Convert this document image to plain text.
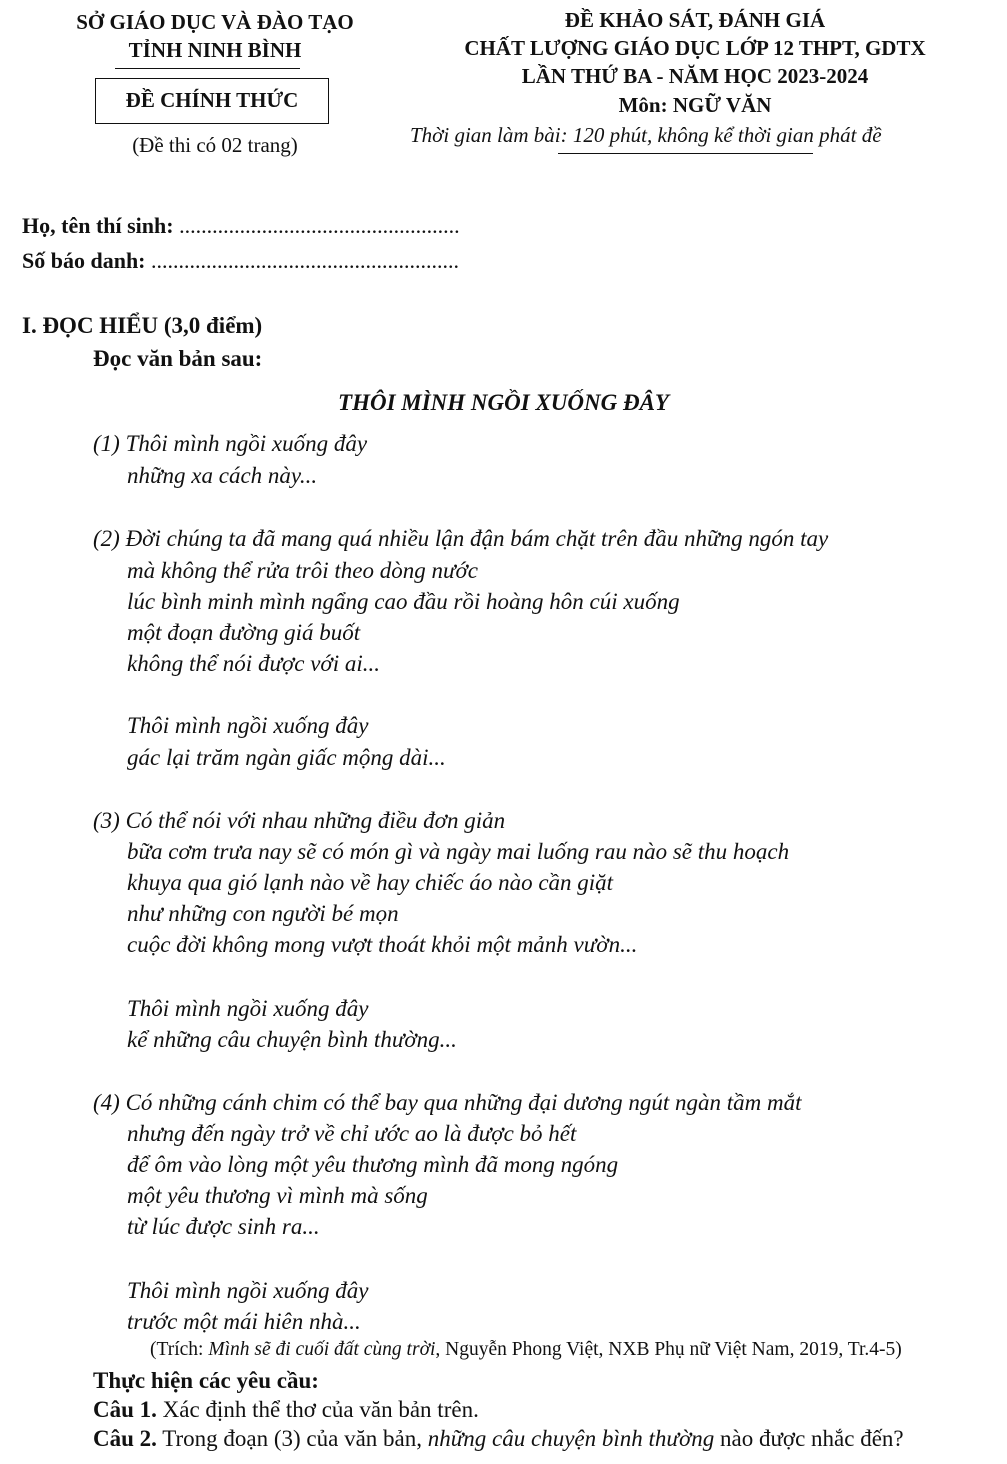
SỞ GIÁO DỤC VÀ ĐÀO TẠO
TỈNH NINH BÌNH
ĐỀ CHÍNH THỨC
(Đề thi có 02 trang)
ĐỀ KHẢO SÁT, ĐÁNH GIÁ
CHẤT LƯỢNG GIÁO DỤC LỚP 12 THPT, GDTX
LẦN THỨ BA - NĂM HỌC 2023-2024
Môn: NGỮ VĂN
Thời gian làm bài: 120 phút, không kể thời gian phát đề
Họ, tên thí sinh: ...................................................
Số báo danh: ........................................................
I. ĐỌC HIỂU (3,0 điểm)
Đọc văn bản sau:
THÔI MÌNH NGỒI XUỐNG ĐÂY
(1) Thôi mình ngồi xuống đây
những xa cách này...
(2) Đời chúng ta đã mang quá nhiều lận đận bám chặt trên đầu những ngón tay
mà không thể rửa trôi theo dòng nước
lúc bình minh mình ngẩng cao đầu rồi hoàng hôn cúi xuống
một đoạn đường giá buốt
không thể nói được với ai...
Thôi mình ngồi xuống đây
gác lại trăm ngàn giấc mộng dài...
(3) Có thể nói với nhau những điều đơn giản
bữa cơm trưa nay sẽ có món gì và ngày mai luống rau nào sẽ thu hoạch
khuya qua gió lạnh nào về hay chiếc áo nào cần giặt
như những con người bé mọn
cuộc đời không mong vượt thoát khỏi một mảnh vườn...
Thôi mình ngồi xuống đây
kể những câu chuyện bình thường...
(4) Có những cánh chim có thể bay qua những đại dương ngút ngàn tầm mắt
nhưng đến ngày trở về chỉ ước ao là được bỏ hết
để ôm vào lòng một yêu thương mình đã mong ngóng
một yêu thương vì mình mà sống
từ lúc được sinh ra...
Thôi mình ngồi xuống đây
trước một mái hiên nhà...
(Trích: Mình sẽ đi cuối đất cùng trời, Nguyễn Phong Việt, NXB Phụ nữ Việt Nam, 2019, Tr.4-5)
Thực hiện các yêu cầu:
Câu 1. Xác định thể thơ của văn bản trên.
Câu 2. Trong đoạn (3) của văn bản, những câu chuyện bình thường nào được nhắc đến?
